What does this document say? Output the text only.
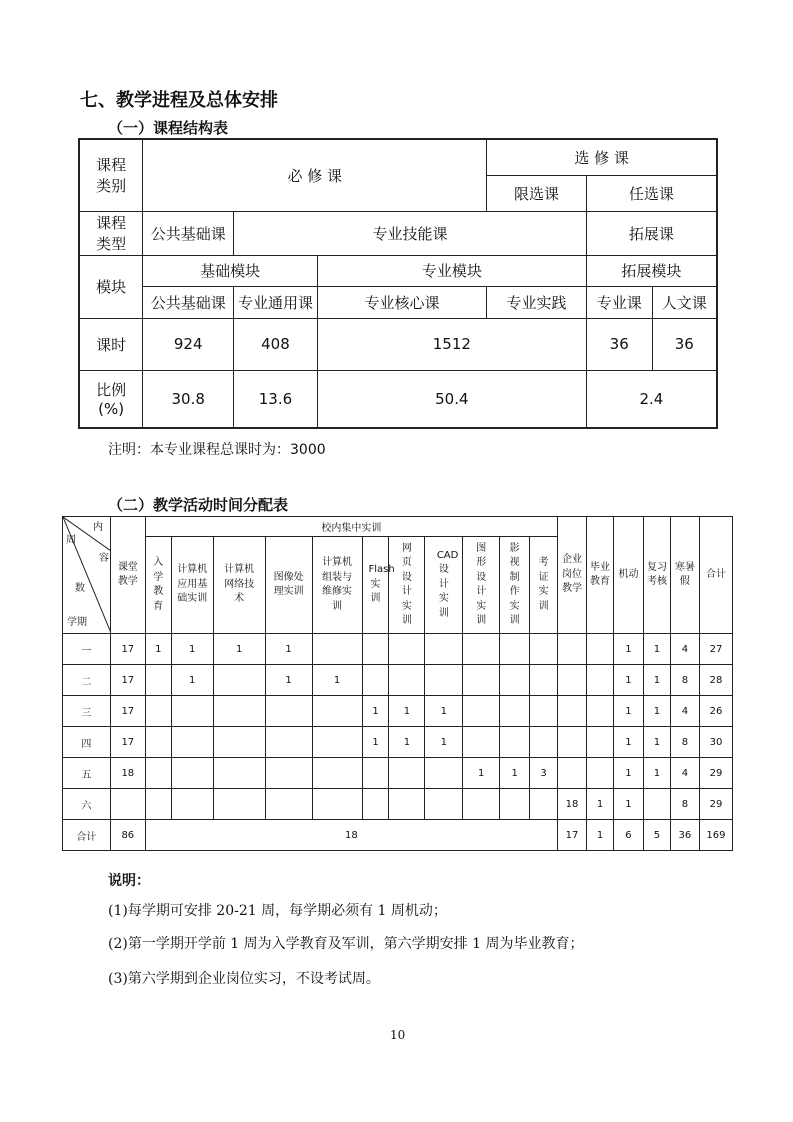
七、教学进程及总体安排
（一）课程结构表
课程
类别	必 修 课			选 修 课		
				限选课	任选课	
课程
类型	公共基础课	专业技能课			拓展课	
模块	基础模块		专业模块		拓展模块	
	公共基础课	专业通用课	专业核心课	专业实践	专业课	人文课
课时	924	408	1512		36	36
比例
(%)	30.8	13.6	50.4		2.4	
注明：本专业课程总课时为：3000
（二）教学活动时间分配表
内
容
周
数
学期	课堂教学	校内集中实训											企业岗位教学	毕业教育	机动	复习考核	寒暑假	合计

		入学教育	计算机应用基础实训	计算机网络技术	图像处理实训	计算机组装与维修实训	Flash实训	网页设计实训	CAD设计实训	图形设计实训	影视制作实训	考证实训						

一	17	1	1	1	1										1	1	4	27
二	17		1		1	1									1	1	8	28
三	17						1	1	1						1	1	4	26
四	17						1	1	1						1	1	8	30
五	18									1	1	3			1	1	4	29
六													18	1	1		8	29
合计	86	18											17	1	6	5	36	169
说明：
(1)每学期可安排 20-21 周，每学期必须有 1 周机动；
(2)第一学期开学前 1 周为入学教育及军训，第六学期安排 1 周为毕业教育；
(3)第六学期到企业岗位实习，不设考试周。
10
